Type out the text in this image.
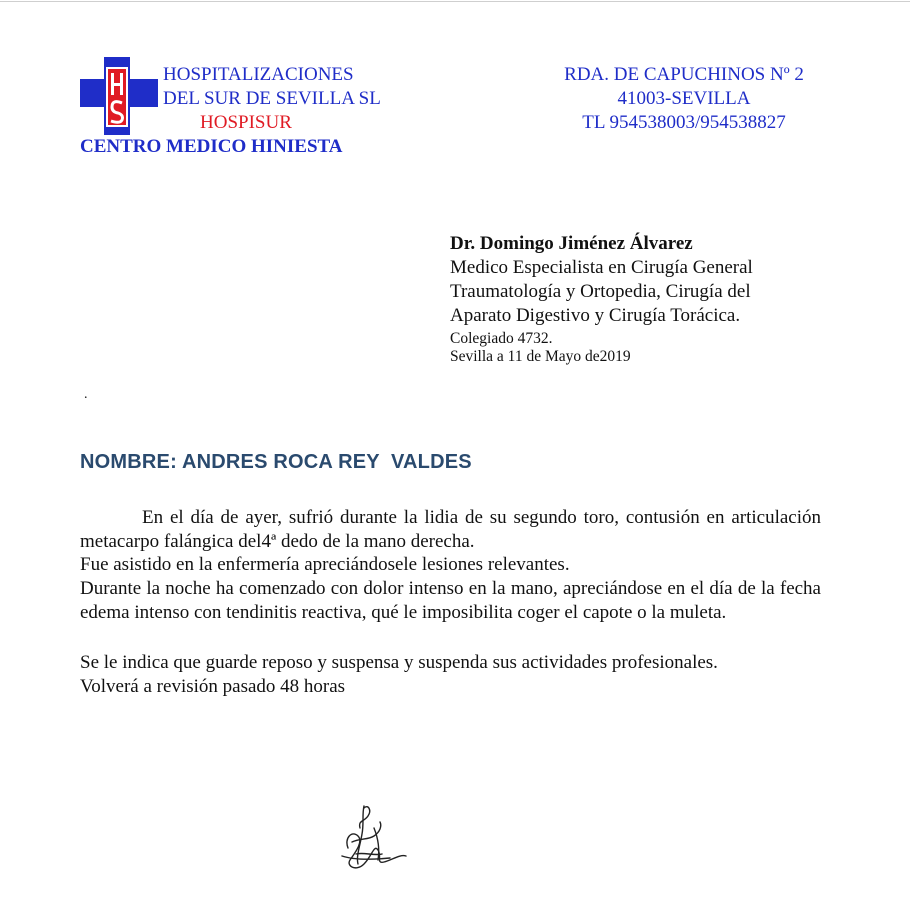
HOSPITALIZACIONES
DEL SUR DE SEVILLA SL
HOSPISUR
CENTRO MEDICO HINIESTA
RDA. DE CAPUCHINOS Nº 2
41003-SEVILLA
TL 954538003/954538827
Dr. Domingo Jiménez Álvarez
Medico Especialista en Cirugía General
Traumatología y Ortopedia, Cirugía del
Aparato Digestivo y Cirugía Torácica.
Colegiado 4732.
Sevilla a 11 de Mayo de2019
.
NOMBRE: ANDRES ROCA REY  VALDES
En el día de ayer, sufrió durante la lidia de su segundo toro, contusión en articulación metacarpo falángica del4ª dedo de la mano derecha.
Fue asistido en la enfermería apreciándosele lesiones relevantes.
Durante la noche ha comenzado con dolor intenso en la mano, apreciándose en el día de la fecha edema intenso con tendinitis reactiva, qué le imposibilita coger el capote o la muleta.
Se le indica que guarde reposo y suspensa y suspenda sus actividades profesionales.
Volverá a revisión pasado 48 horas
